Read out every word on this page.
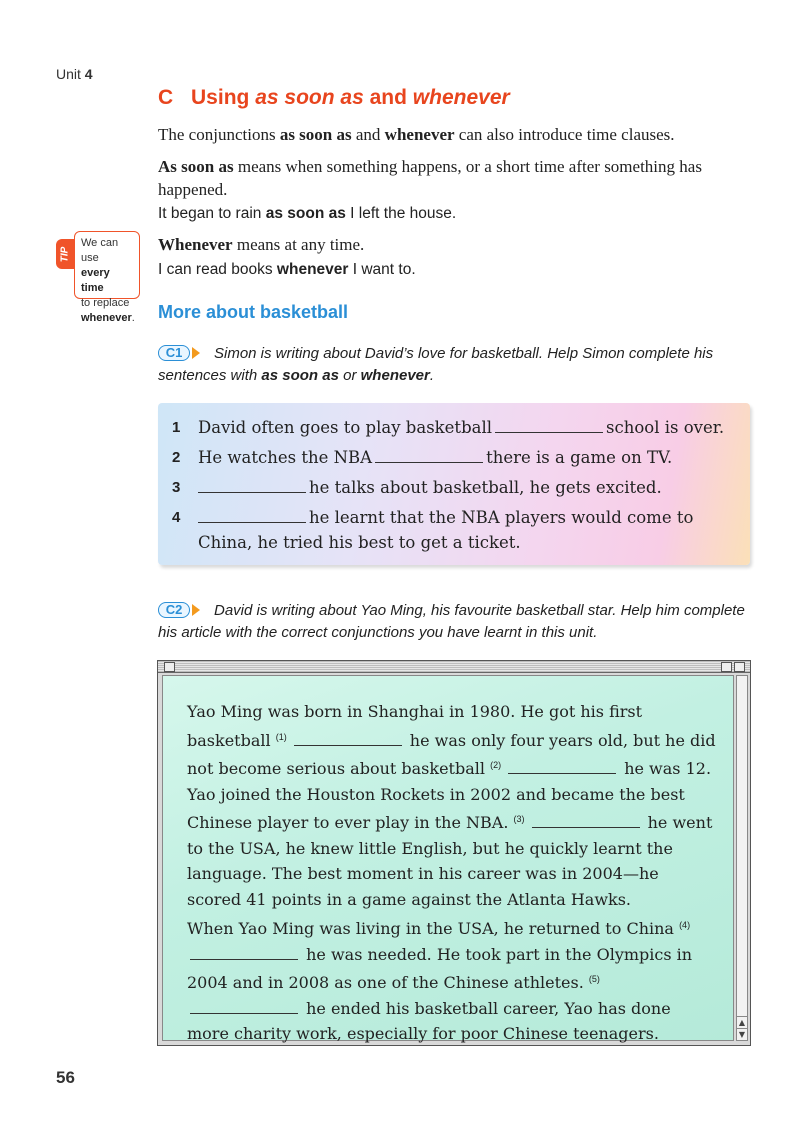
Unit 4
C Using as soon as and whenever
The conjunctions as soon as and whenever can also introduce time clauses.
As soon as means when something happens, or a short time after something has happened.
It began to rain as soon as I left the house.
TIP
We can use
every time
to replace
whenever.
Whenever means at any time.
I can read books whenever I want to.
More about basketball
C1	Simon is writing about David’s love for basketball. Help Simon complete his sentences with as soon as or whenever.
1 David often goes to play basketball	school is over.
2 He watches the NBA	there is a game on TV.
3	he talks about basketball, he gets excited.
4	he learnt that the NBA players would come to China, he tried his best to get a ticket.
C2	David is writing about Yao Ming, his favourite basketball star. Help him complete his article with the correct conjunctions you have learnt in this unit.
Yao Ming was born in Shanghai in 1980. He got his first basketball $^{(1)}$	he was only four years old, but he did not become serious about basketball $^{(2)}$	he was 12. Yao joined the Houston Rockets in 2002 and became the best Chinese player to ever play in the NBA. $^{(3)}$	he went to the USA, he knew little English, but he quickly learnt the language. The best moment in his career was in 2004—he scored 41 points in a game against the Atlanta Hawks.
When Yao Ming was living in the USA, he returned to China $^{(4)}$ he was needed. He took part in the Olympics in 2004 and in 2008 as one of the Chinese athletes. $^{(5)}$ he ended his basketball career, Yao has done more charity work, especially for poor Chinese teenagers.
▲
▼
56
